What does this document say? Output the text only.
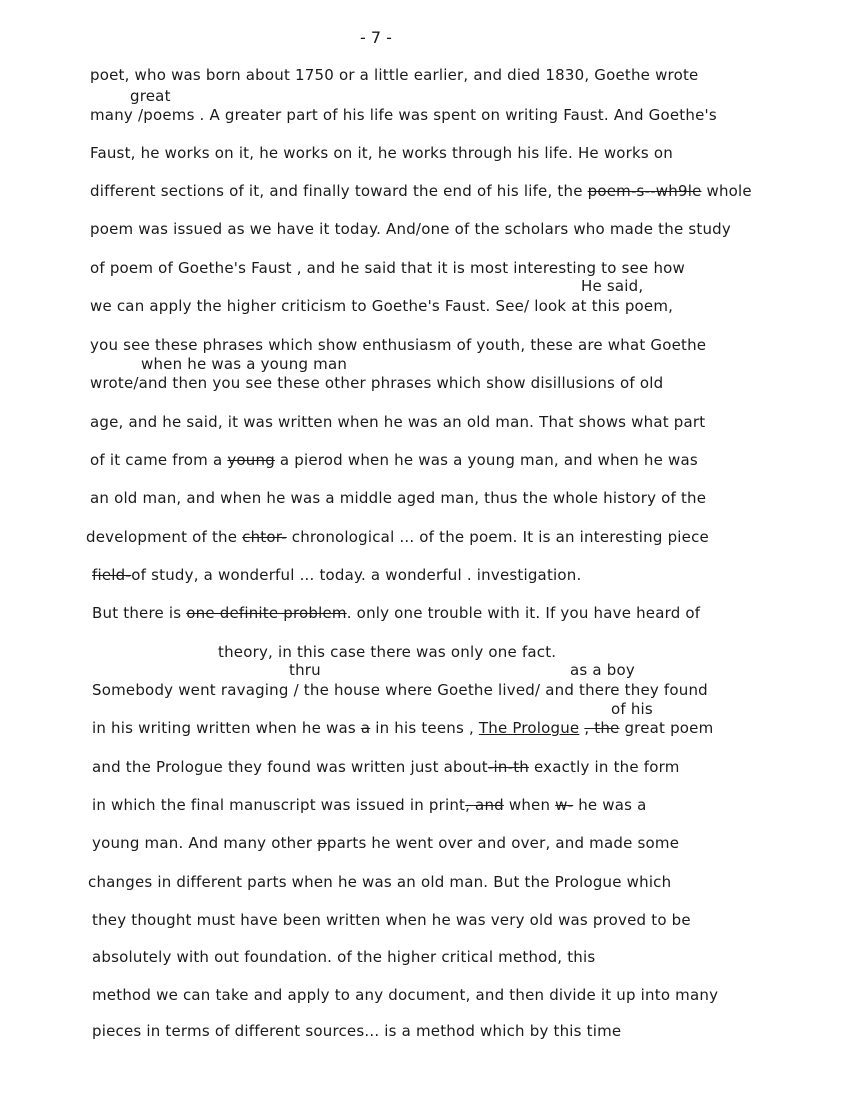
- 7 -
poet, who was born about 1750 or a little earlier, and died 1830, Goethe wrote
many /poems . A greater part of his life was spent on writing Faust. And Goethe's
Faust, he works on it, he works on it, he works through his life. He works on
different sections of it, and finally toward the end of his life, the poem-s--wh9le whole
poem was issued as we have it today. And/one of the scholars who made the study
of poem of Goethe's Faust , and he said that it is most interesting to see how
we can apply the higher criticism to Goethe's Faust. See/ look at this poem,
you see these phrases which show enthusiasm of youth, these are what Goethe
wrote/and then you see these other phrases which show disillusions of old
age, and he said, it was written when he was an old man. That shows what part
of it came from a young a pierod when he was a young man, and when he was
an old man, and when he was a middle aged man, thus the whole history of the
development of the chtor- chronological ... of the poem. It is an interesting piece
field-of study, a wonderful ... today. a wonderful . investigation.
But there is one definite problem. only one trouble with it. If you have heard of
theory, in this case there was only one fact.
Somebody went ravaging / the house where Goethe lived/ and there they found
in his writing written when he was a in his teens , The Prologue , the great poem
and the Prologue they found was written just about-in-th exactly in the form
in which the final manuscript was issued in print, and when w- he was a
young man. And many other pparts he went over and over, and made some
changes in different parts when he was an old man. But the Prologue which
they thought must have been written when he was very old was proved to be
absolutely with out foundation. of the higher critical method, this
method we can take and apply to any document, and then divide it up into many
pieces in terms of different sources... is a method which by this time
great
He said,
when he was a young man
thru	as a boy
of his
